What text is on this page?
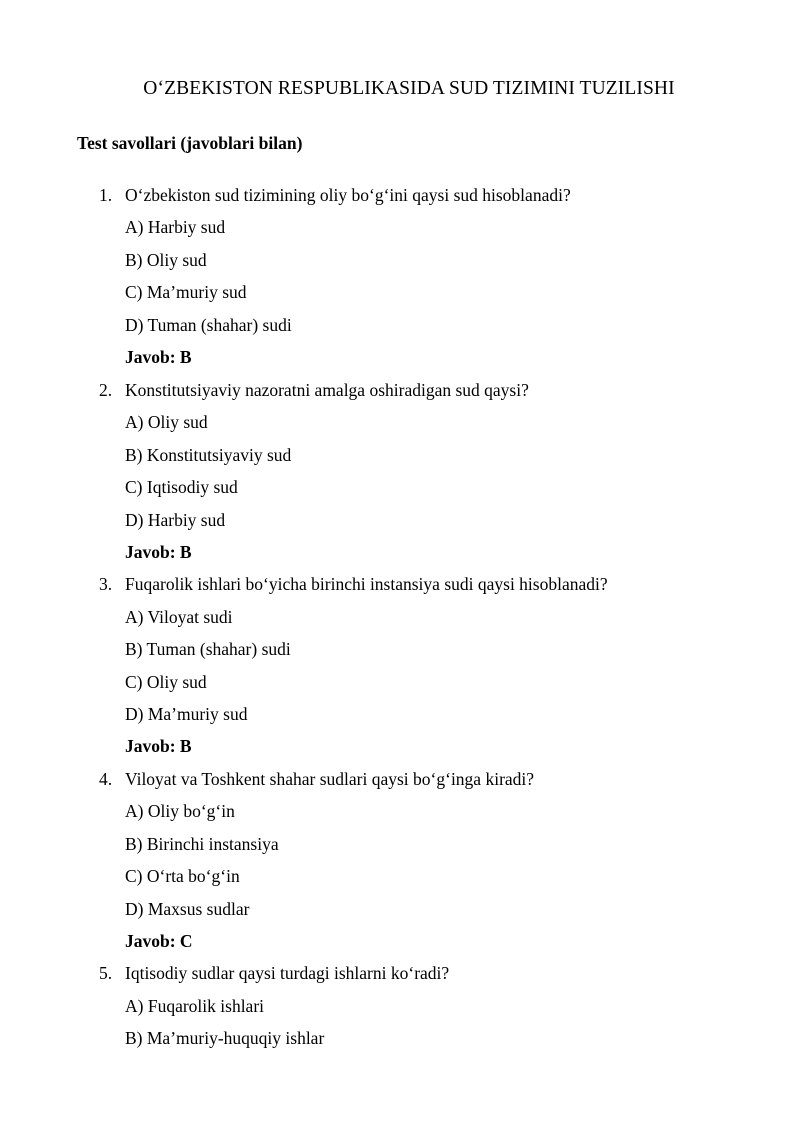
O‘ZBEKISTON RESPUBLIKASIDA SUD TIZIMINI TUZILISHI
Test savollari (javoblari bilan)
1. O‘zbekiston sud tizimining oliy bo‘g‘ini qaysi sud hisoblanadi?
A) Harbiy sud
B) Oliy sud
C) Ma’muriy sud
D) Tuman (shahar) sudi
Javob: B
2. Konstitutsiyaviy nazoratni amalga oshiradigan sud qaysi?
A) Oliy sud
B) Konstitutsiyaviy sud
C) Iqtisodiy sud
D) Harbiy sud
Javob: B
3. Fuqarolik ishlari bo‘yicha birinchi instansiya sudi qaysi hisoblanadi?
A) Viloyat sudi
B) Tuman (shahar) sudi
C) Oliy sud
D) Ma’muriy sud
Javob: B
4. Viloyat va Toshkent shahar sudlari qaysi bo‘g‘inga kiradi?
A) Oliy bo‘g‘in
B) Birinchi instansiya
C) O‘rta bo‘g‘in
D) Maxsus sudlar
Javob: C
5. Iqtisodiy sudlar qaysi turdagi ishlarni ko‘radi?
A) Fuqarolik ishlari
B) Ma’muriy-huquqiy ishlar
